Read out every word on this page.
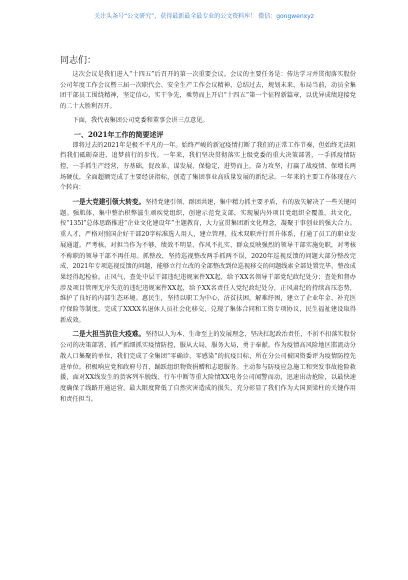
关注头条号“公文研究”，获得最新最全最专业的公文资料库！ 微信：gongwenxyz
同志们：

这次会议是我们进入“十四五”后召开的第一次重要会议。会议的主要任务是：传达学习并贯彻落实股份公司年度工作会议暨三届一次职代会、安全生产工作会议精神，总结过去，规划未来，布局当前，动员全集团干部员工围绕精神，坚定信心，实干争先，乘势而上开启“十四五”第一个征程新篇章，以优异成绩迎接党的二十大胜利召开。

下面，我代表集团公司党委和董事会讲三点意见。

一、2021年工作的简要述评

即将过去的2021年是极不平凡的一年。始终严峻的新冠疫情打断了我们的正常工作节奏，但始终无法阻挡我们砥砺奋进、追梦前行的步伐。一年来，我们坚决贯彻落实上级党委的重大决策部署，一手抓疫情防控，一手抓生产经营，夯基础，促改革，谋发展，保稳定，进势而上，奋力攻坚，打赢了战疫情、保增长两场硬仗，全面超额完成了主要经济指标，创造了集团事业高质量发展的新纪录。一年来的主要工作体现在六个转向：

一是大党建引领大转变。坚持党建引领、群团共建，集中精力抓主要矛盾，有的放矢解决了一些关键问题。强肌体，集中整治积弊滋生顽疾党组织，创建示范党支部，实现履内外项目党组织全覆盖，共文化，按“135l”总体思路推进“企业文化建设年”主题教育，大力宣贯集团新文化理念，凝聚于事创业的强大合力。重人才，严格对照国企好干部20字标准选人用人，建立管理、技术双职并行晋升体系，打通了员工的职业发展通道。严考核，对担当作为不够、绩效不明显、作风不扎实、群众反映强烈的领导干部实施免职，对考核不称职的领导干部不再任用。抓整改，坚持巡视整改两手抓两不误，2020年巡视反馈的问题大部分整改完成，2021年专项巡视反馈的问题，能够立行立改的全部整改到位巡视移交的问题线索全部处置完毕，整改成果经得起检验。正风气，查处中层干部违纪违规案件XX起，给予XX名领导干部党纪政纪处分；查处和督办涉及项目管理无序失范的违纪违规案件XX起，给予XX名责任人党纪政纪处分，正风肃纪的持续高压态势，维护了良好的内部生态环境。惠民生，坚持以职工为中心，济贫扶困，解难纾困，建立了企业年金、补充医疗保险等制度，完成了XXXX名退休人员社会化移交，兑现了集体合同和工资专项协议，民生福祉建设取得新成效。

二是大担当抗住大疫难。坚持以人为本、生命至上的发展理念，坚决扛起政治责任，不折不扣落实股份公司的决策部署，抓严抓细抓实疫情防控，服从大局，服务大局，勇于奉献。作为疫情高风险地区邯流动分散人口集聚的单位，我们完成了全集团“零确诊、零感染”的抗疫目标，所在分公司被国资委评为疫情防控先进单位。积极响应党和政府号召，踊跃组织物资捐赠和志愿服务。主动参与防疫应急施工和突发事故抢险救援，面对XX线发生的货客列车脱线、行车中断等重大险情XX电务公司闻警而动，迅速出动抢险，以最快速度确保了线路开通运营，最大限度降低了自然灾害造成的损失，充分彰显了我们作为大国顶梁柱的关键作用和责任担当。
